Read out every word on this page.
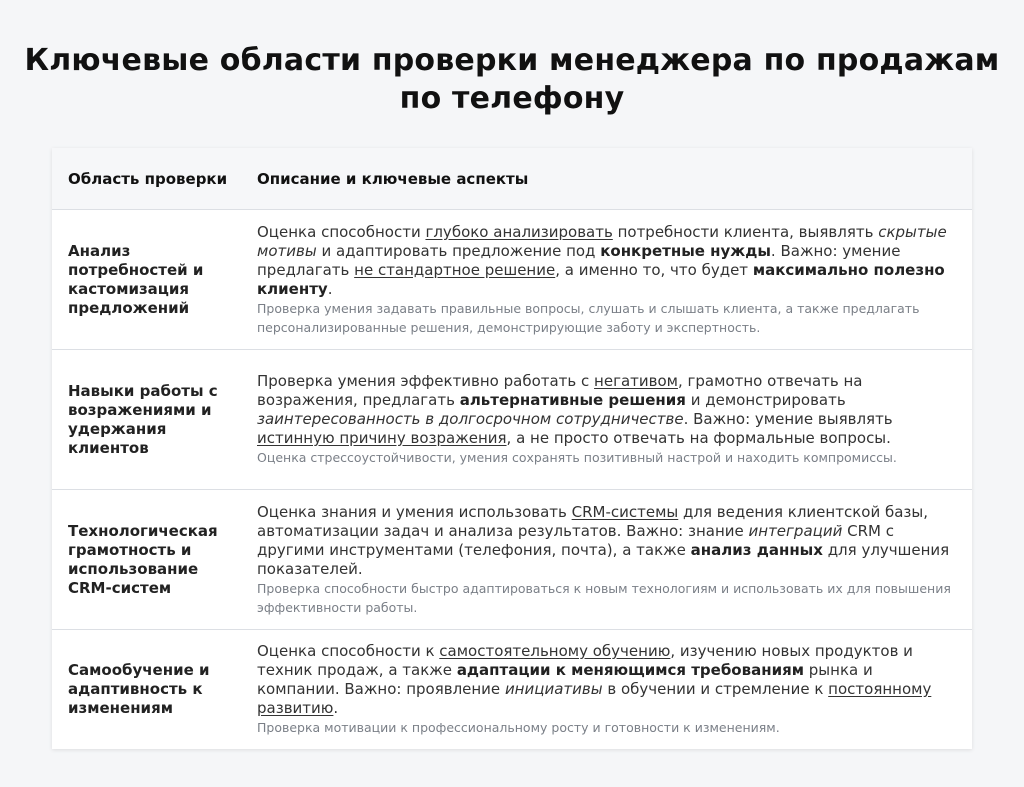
Ключевые области проверки менеджера по продажам по телефону
Область проверки	Описание и ключевые аспекты
Анализ потребностей и кастомизация предложений
Оценка способности глубоко анализировать потребности клиента, выявлять скрытые мотивы и адаптировать предложение под конкретные нужды. Важно: умение предлагать не стандартное решение, а именно то, что будет максимально полезно клиенту.
Проверка умения задавать правильные вопросы, слушать и слышать клиента, а также предлагать персонализированные решения, демонстрирующие заботу и экспертность.
Навыки работы с возражениями и удержания клиентов
Проверка умения эффективно работать с негативом, грамотно отвечать на возражения, предлагать альтернативные решения и демонстрировать заинтересованность в долгосрочном сотрудничестве. Важно: умение выявлять истинную причину возражения, а не просто отвечать на формальные вопросы.
Оценка стрессоустойчивости, умения сохранять позитивный настрой и находить компромиссы.
Технологическая грамотность и использование CRM-систем
Оценка знания и умения использовать CRM-системы для ведения клиентской базы, автоматизации задач и анализа результатов. Важно: знание интеграций CRM с другими инструментами (телефония, почта), а также анализ данных для улучшения показателей.
Проверка способности быстро адаптироваться к новым технологиям и использовать их для повышения эффективности работы.
Самообучение и адаптивность к изменениям
Оценка способности к самостоятельному обучению, изучению новых продуктов и техник продаж, а также адаптации к меняющимся требованиям рынка и компании. Важно: проявление инициативы в обучении и стремление к постоянному развитию.
Проверка мотивации к профессиональному росту и готовности к изменениям.
